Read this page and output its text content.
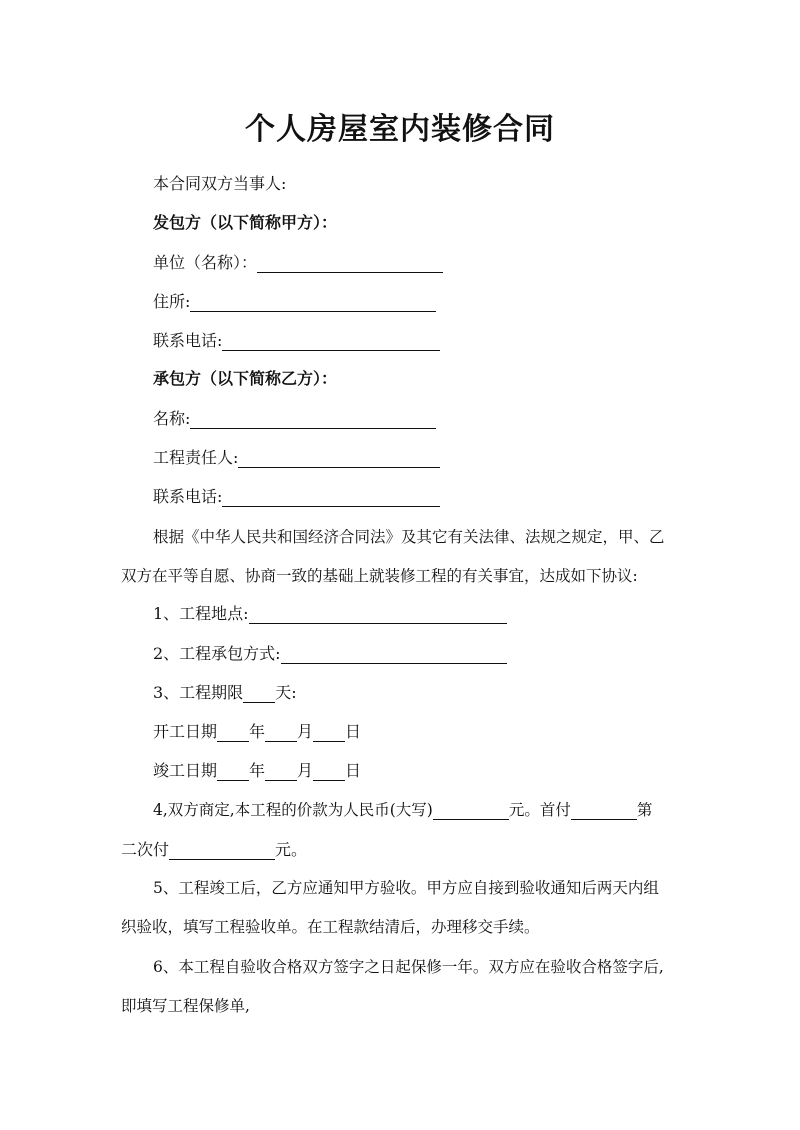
个人房屋室内装修合同
本合同双方当事人:
发包方（以下简称甲方）：
单位（名称）：
住所:
联系电话:
承包方（以下简称乙方）：
名称:
工程责任人:
联系电话:
根据《中华人民共和国经济合同法》及其它有关法律、法规之规定，甲、乙
双方在平等自愿、协商一致的基础上就装修工程的有关事宜，达成如下协议:
1、工程地点:
2、工程承包方式:
3、工程期限 天:
开工日期 年 月 日
竣工日期 年 月 日
4,双方商定,本工程的价款为人民币(大写)	元。首付	第
二次付	元。
5、工程竣工后，乙方应通知甲方验收。甲方应自接到验收通知后两天内组
织验收，填写工程验收单。在工程款结清后，办理移交手续。
6、本工程自验收合格双方签字之日起保修一年。双方应在验收合格签字后,
即填写工程保修单,
